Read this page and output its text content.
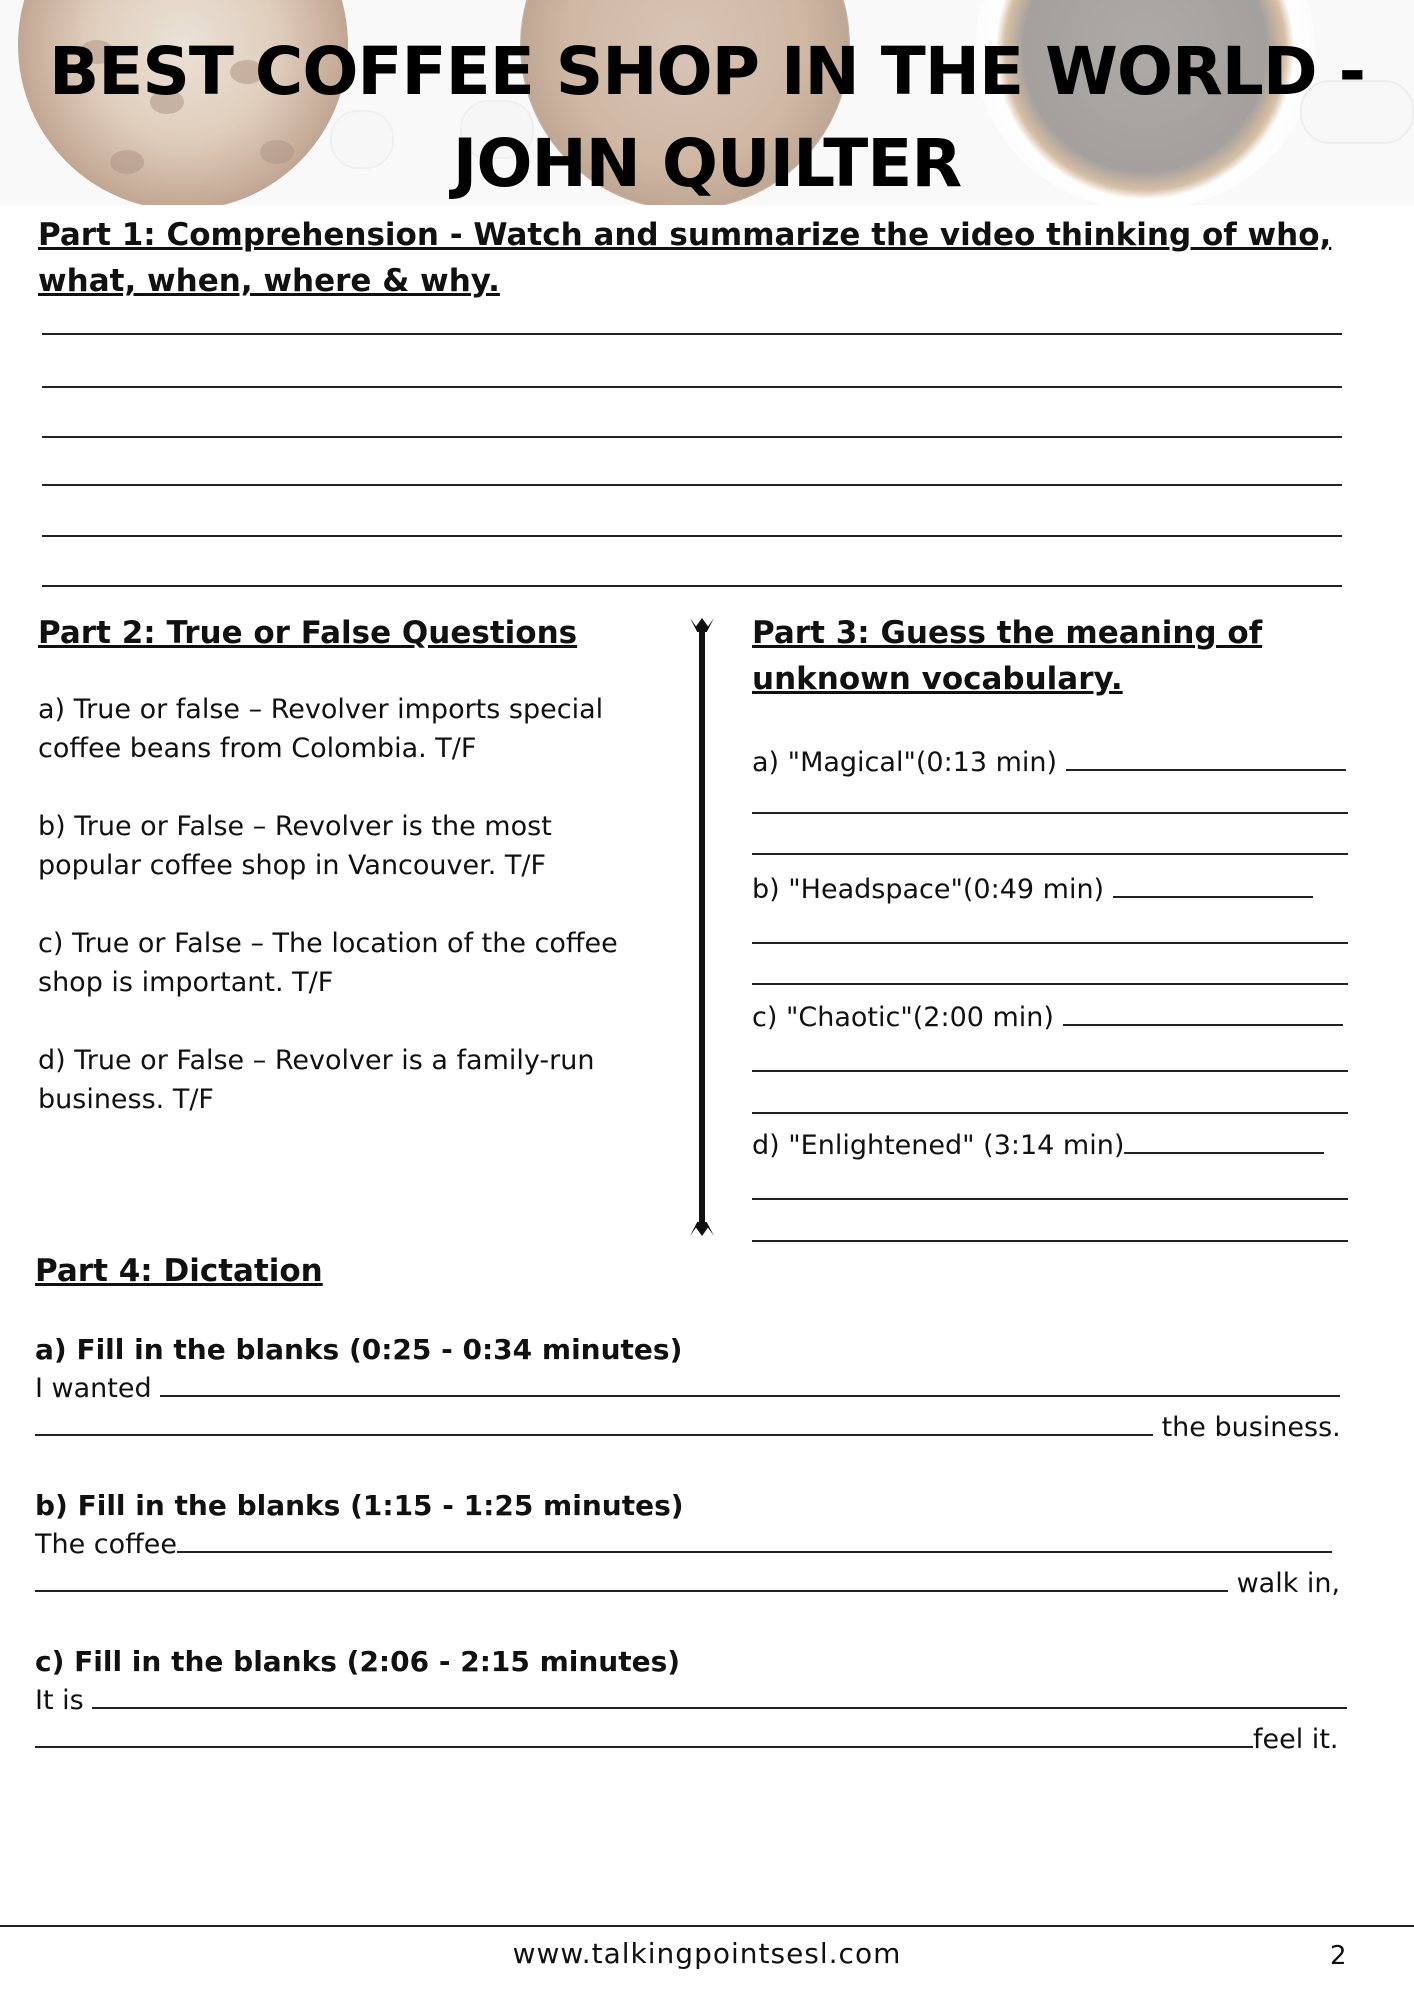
BEST COFFEE SHOP IN THE WORLD -
JOHN QUILTER
Part 1: Comprehension - Watch and summarize the video thinking of who,
what, when, where & why.
Part 2: True or False Questions

a) True or false – Revolver imports special
coffee beans from Colombia. T/F

b) True or False – Revolver is the most
popular coffee shop in Vancouver. T/F

c) True or False – The location of the coffee
shop is important. T/F

d) True or False – Revolver is a family-run
business. T/F

Part 3: Guess the meaning of
unknown vocabulary.
a) "Magical"(0:13 min)
b) "Headspace"(0:49 min)
c) "Chaotic"(2:00 min)
d) "Enlightened" (3:14 min)
Part 4: Dictation

a) Fill in the blanks (0:25 - 0:34 minutes)

I wanted
the business.

b) Fill in the blanks (1:15 - 1:25 minutes)

The coffee
walk in,

c) Fill in the blanks (2:06 - 2:15 minutes)

It is
feel it.
www.talkingpointsesl.com	2
